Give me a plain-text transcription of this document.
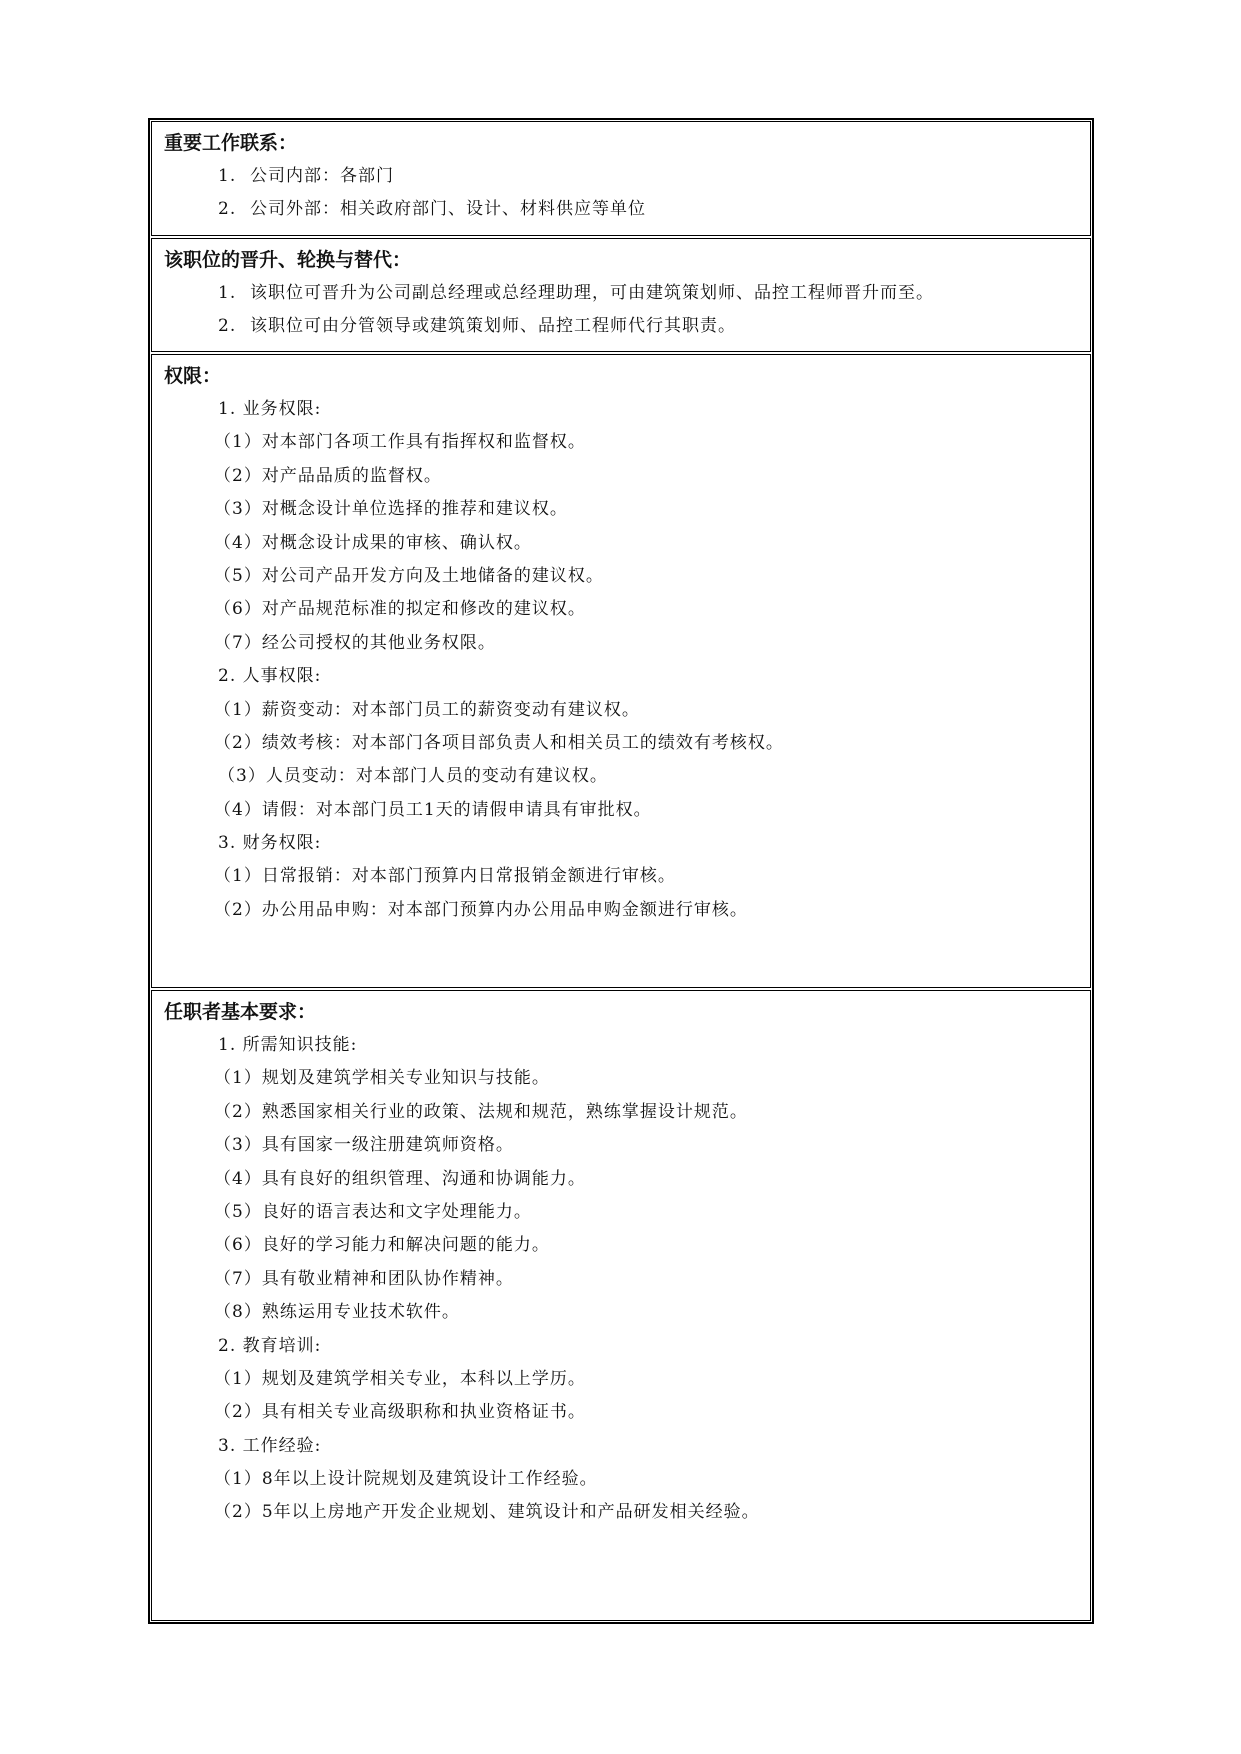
重要工作联系：
1. 公司内部：各部门
2. 公司外部：相关政府部门、设计、材料供应等单位
该职位的晋升、轮换与替代：
1. 该职位可晋升为公司副总经理或总经理助理，可由建筑策划师、品控工程师晋升而至。
2. 该职位可由分管领导或建筑策划师、品控工程师代行其职责。
权限：
1. 业务权限:
（1）对本部门各项工作具有指挥权和监督权。
（2）对产品品质的监督权。
（3）对概念设计单位选择的推荐和建议权。
（4）对概念设计成果的审核、确认权。
（5）对公司产品开发方向及土地储备的建议权。
（6）对产品规范标准的拟定和修改的建议权。
（7）经公司授权的其他业务权限。
2. 人事权限:
（1）薪资变动：对本部门员工的薪资变动有建议权。
（2）绩效考核：对本部门各项目部负责人和相关员工的绩效有考核权。
（3）人员变动：对本部门人员的变动有建议权。
（4）请假：对本部门员工1天的请假申请具有审批权。
3. 财务权限:
（1）日常报销：对本部门预算内日常报销金额进行审核。
（2）办公用品申购：对本部门预算内办公用品申购金额进行审核。
任职者基本要求：
1. 所需知识技能:
（1）规划及建筑学相关专业知识与技能。
（2）熟悉国家相关行业的政策、法规和规范，熟练掌握设计规范。
（3）具有国家一级注册建筑师资格。
（4）具有良好的组织管理、沟通和协调能力。
（5）良好的语言表达和文字处理能力。
（6）良好的学习能力和解决问题的能力。
（7）具有敬业精神和团队协作精神。
（8）熟练运用专业技术软件。
2. 教育培训:
（1）规划及建筑学相关专业，本科以上学历。
（2）具有相关专业高级职称和执业资格证书。
3. 工作经验:
（1）8年以上设计院规划及建筑设计工作经验。
（2）5年以上房地产开发企业规划、建筑设计和产品研发相关经验。
